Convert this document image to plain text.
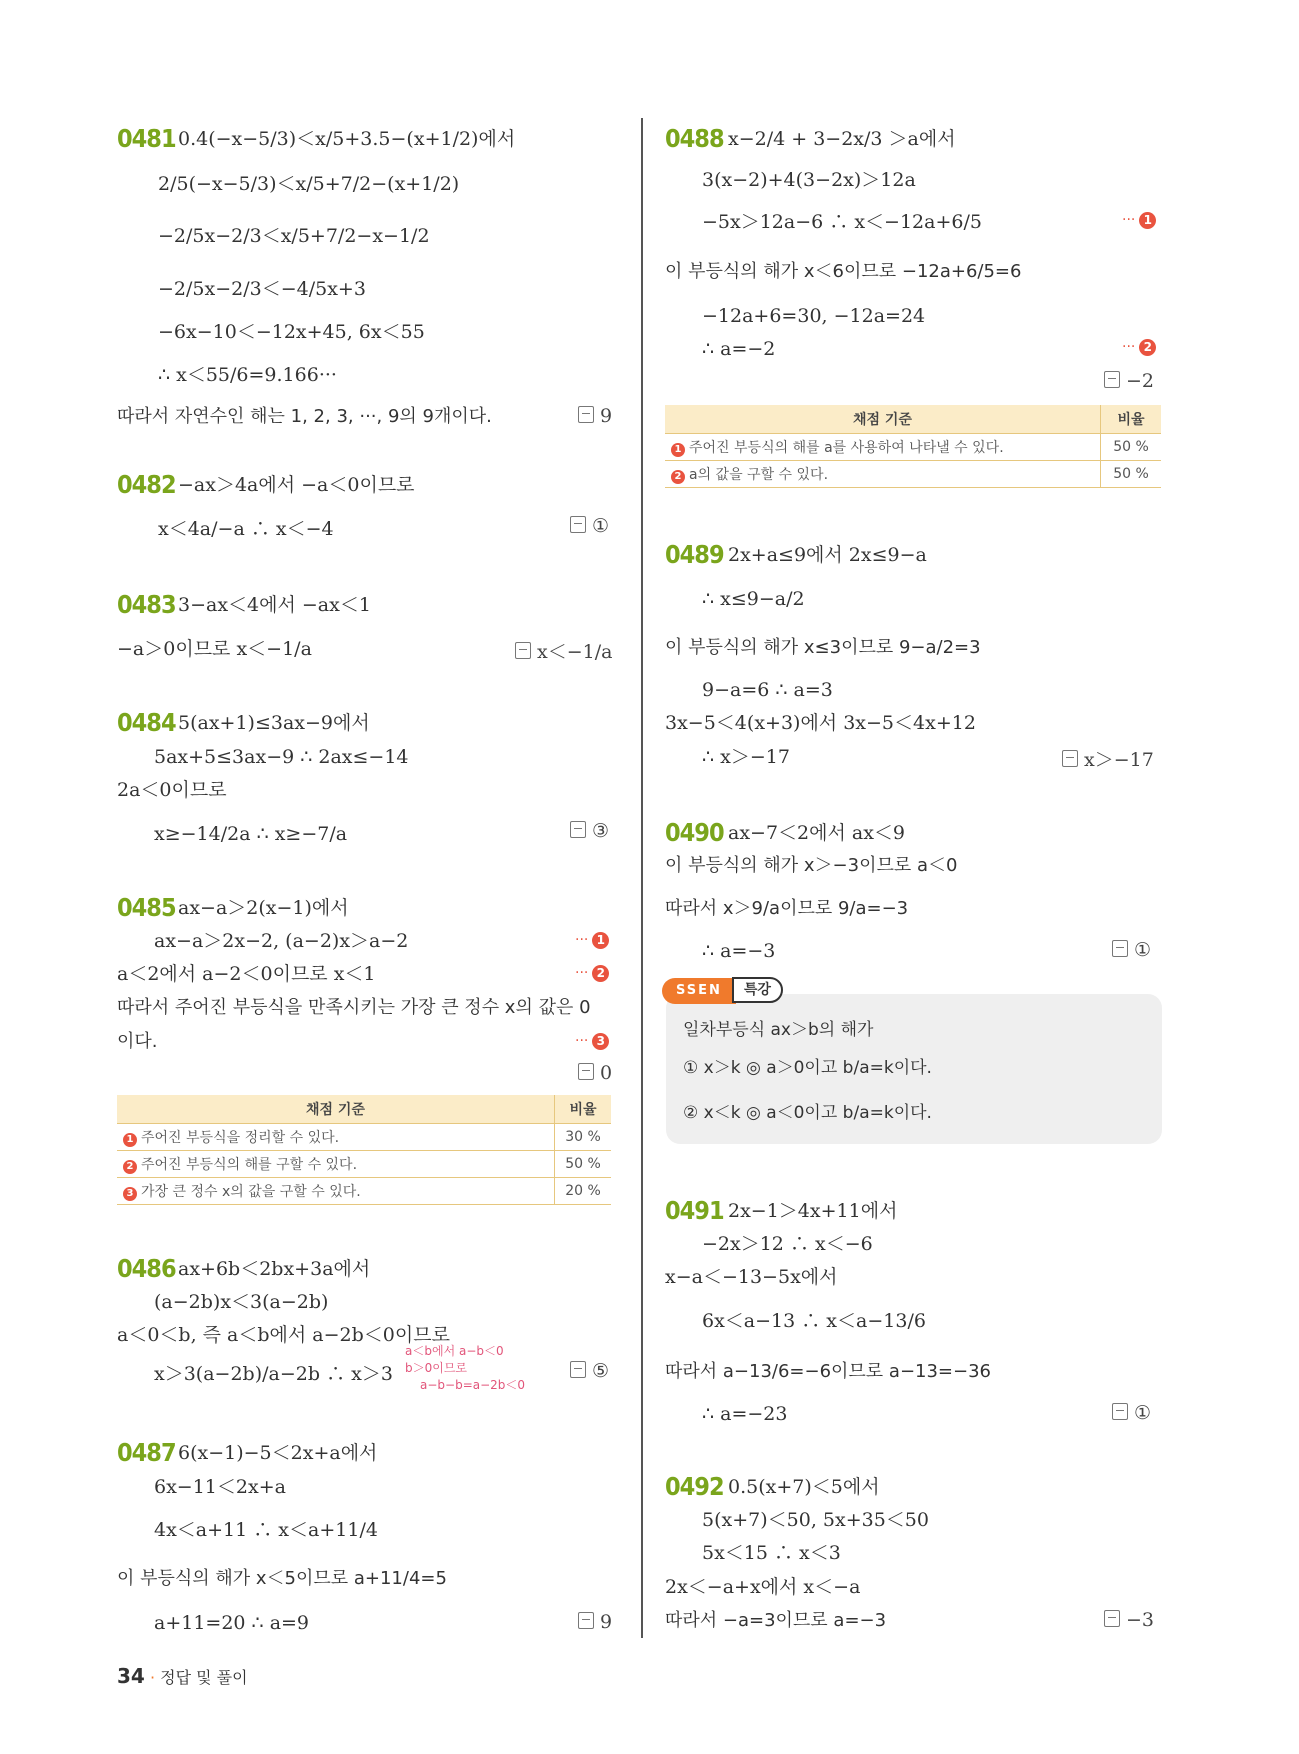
0481 0.4(−x−5/3)＜x/5+3.5−(x+1/2)에서
2/5(−x−5/3)＜x/5+7/2−(x+1/2)
−2/5x−2/3＜x/5+7/2−x−1/2
−2/5x−2/3＜−4/5x+3
−6x−10＜−12x+45, 6x＜55
∴ x＜55/6=9.166···
따라서 자연수인 해는 1, 2, 3, ···, 9의 9개이다.	9
0482 −ax＞4a에서 −a＜0이므로
x＜4a/−a ∴ x＜−4	①
0483 3−ax＜4에서 −ax＜1
−a＞0이므로 x＜−1/a	x＜−1/a
0484 5(ax+1)≤3ax−9에서
5ax+5≤3ax−9 ∴ 2ax≤−14
2a＜0이므로
x≥−14/2a ∴ x≥−7/a	③
0485 ax−a＞2(x−1)에서
ax−a＞2x−2, (a−2)x＞a−2	··· 1
a＜2에서 a−2＜0이므로 x＜1	··· 2
따라서 주어진 부등식을 만족시키는 가장 큰 정수 x의 값은 0
이다.	··· 3
0
채점 기준	비율
1 주어진 부등식을 정리할 수 있다.	30 %
2 주어진 부등식의 해를 구할 수 있다.	50 %
3 가장 큰 정수 x의 값을 구할 수 있다.	20 %
0486 ax+6b＜2bx+3a에서
(a−2b)x＜3(a−2b)
a＜0＜b, 즉 a＜b에서 a−2b＜0이므로
a＜b에서 a−b＜0
b＞0이므로
a−b−b=a−2b＜0
x＞3(a−2b)/a−2b ∴ x＞3	⑤
0487 6(x−1)−5＜2x+a에서
6x−11＜2x+a
4x＜a+11 ∴ x＜a+11/4
이 부등식의 해가 x＜5이므로 a+11/4=5
a+11=20 ∴ a=9	9
0488 x−2/4 + 3−2x/3 ＞a에서
3(x−2)+4(3−2x)＞12a
−5x＞12a−6 ∴ x＜−12a+6/5	··· 1
이 부등식의 해가 x＜6이므로 −12a+6/5=6
−12a+6=30, −12a=24
∴ a=−2	··· 2
−2
채점 기준	비율
1 주어진 부등식의 해를 a를 사용하여 나타낼 수 있다.	50 %
2 a의 값을 구할 수 있다.	50 %
0489 2x+a≤9에서 2x≤9−a
∴ x≤9−a/2
이 부등식의 해가 x≤3이므로 9−a/2=3
9−a=6 ∴ a=3
3x−5＜4(x+3)에서 3x−5＜4x+12
∴ x＞−17	x＞−17
0490 ax−7＜2에서 ax＜9
이 부등식의 해가 x＞−3이므로 a＜0
따라서 x＞9/a이므로 9/a=−3
∴ a=−3	①
SSEN 특강
일차부등식 ax＞b의 해가
① x＞k ◎ a＞0이고 b/a=k이다.
② x＜k ◎ a＜0이고 b/a=k이다.
0491 2x−1＞4x+11에서
−2x＞12 ∴ x＜−6
x−a＜−13−5x에서
6x＜a−13 ∴ x＜a−13/6
따라서 a−13/6=−6이므로 a−13=−36
∴ a=−23	①
0492 0.5(x+7)＜5에서
5(x+7)＜50, 5x+35＜50
5x＜15 ∴ x＜3
2x＜−a+x에서 x＜−a
따라서 −a=3이므로 a=−3	−3
34 · 정답 및 풀이
